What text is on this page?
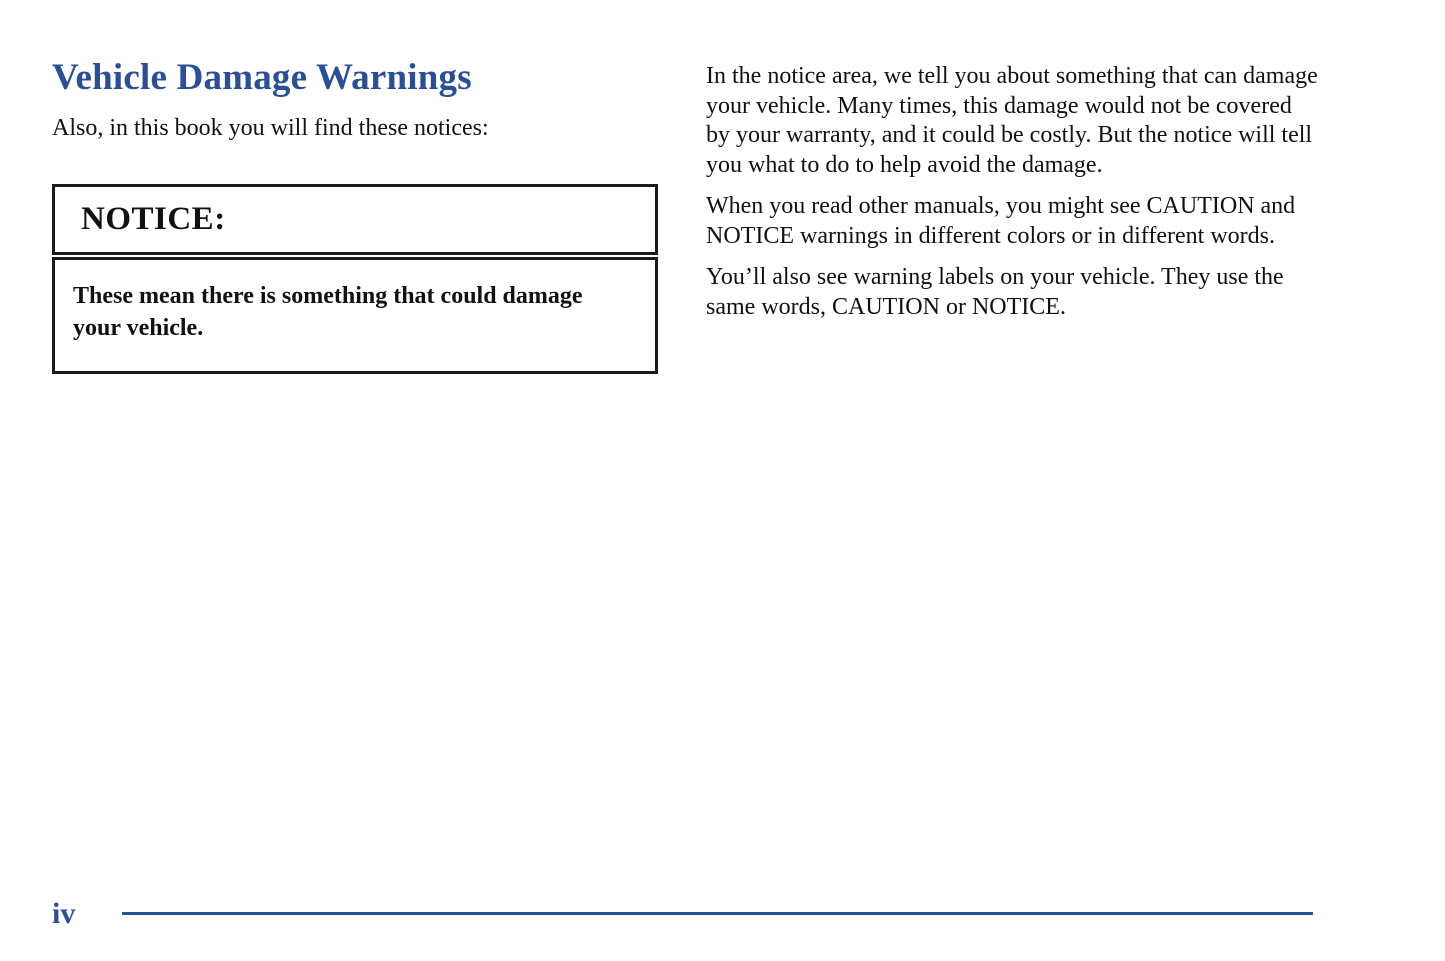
Vehicle Damage Warnings

Also, in this book you will find these notices:

NOTICE:
These mean there is something that could damage your vehicle.

In the notice area, we tell you about something that can damage your vehicle. Many times, this damage would not be covered by your warranty, and it could be costly. But the notice will tell you what to do to help avoid the damage.

When you read other manuals, you might see CAUTION and NOTICE warnings in different colors or in different words.

You’ll also see warning labels on your vehicle. They use the same words, CAUTION or NOTICE.

iv
